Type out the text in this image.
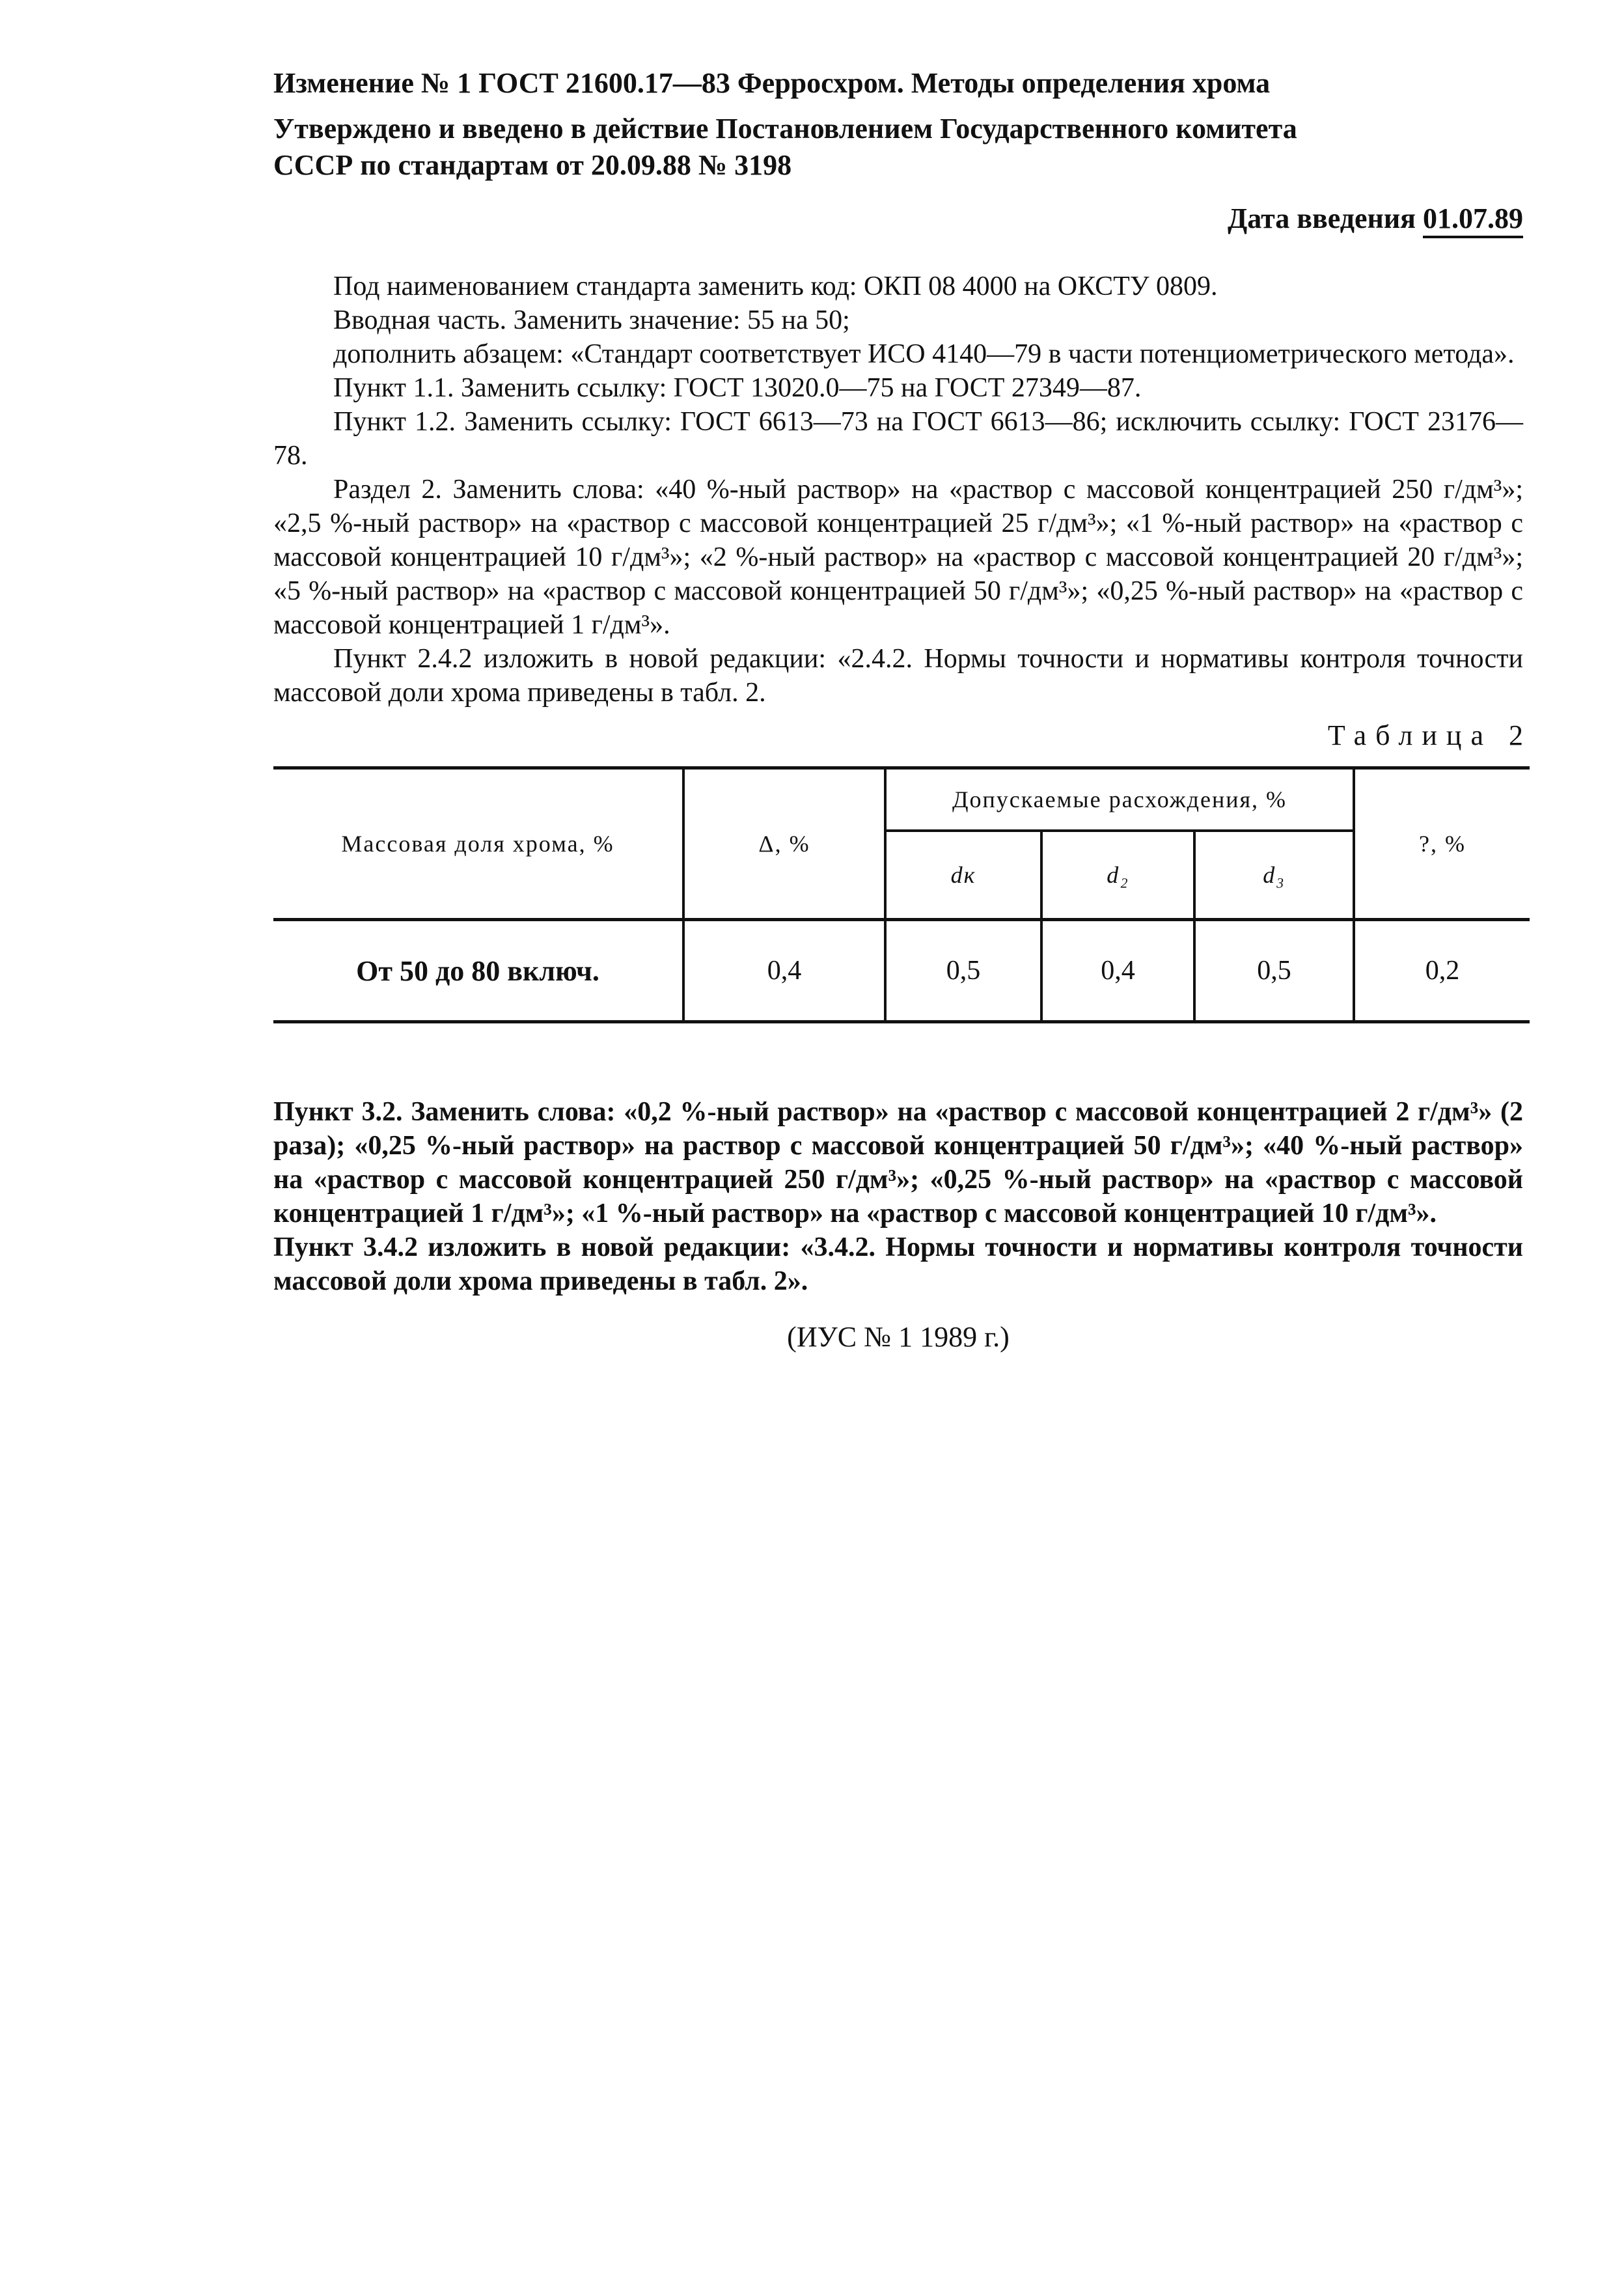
Изменение № 1 ГОСТ 21600.17—83 Ферросхром. Методы определения хрома

Утверждено и введено в действие Постановлением Государственного комитета

СССР по стандартам от 20.09.88 № 3198

Дата введения 01.07.89

Под наименованием стандарта заменить код: ОКП 08 4000 на ОКСТУ 0809.

Вводная часть. Заменить значение: 55 на 50;

дополнить абзацем: «Стандарт соответствует ИСО 4140—79 в части потенциометрического метода».

Пункт 1.1. Заменить ссылку: ГОСТ 13020.0—75 на ГОСТ 27349—87.

Пункт 1.2. Заменить ссылку: ГОСТ 6613—73 на ГОСТ 6613—86; исключить ссылку: ГОСТ 23176—78.

Раздел 2. Заменить слова: «40 %-ный раствор» на «раствор с массовой концентрацией 250 г/дм³»; «2,5 %-ный раствор» на «раствор с массовой концентрацией 25 г/дм³»; «1 %-ный раствор» на «раствор с массовой концентрацией 10 г/дм³»; «2 %-ный раствор» на «раствор с массовой концентрацией 20 г/дм³»; «5 %-ный раствор» на «раствор с массовой концентрацией 50 г/дм³»; «0,25 %-ный раствор» на «раствор с массовой концентрацией 1 г/дм³».

Пункт 2.4.2 изложить в новой редакции: «2.4.2. Нормы точности и нормативы контроля точности массовой доли хрома приведены в табл. 2.

Таблица 2
Массовая доля хрома, %	Δ, %	Допускаемые расхождения, %			?, %
		dк	d₂	d₃	
От 50 до 80 включ.	0,4	0,5	0,4	0,5	0,2

Пункт 3.2. Заменить слова: «0,2 %-ный раствор» на «раствор с массовой концентрацией 2 г/дм³» (2 раза); «0,25 %-ный раствор» на раствор с массовой концентрацией 50 г/дм³»; «40 %-ный раствор» на «раствор с массовой концентрацией 250 г/дм³»; «0,25 %-ный раствор» на «раствор с массовой концентрацией 1 г/дм³»; «1 %-ный раствор» на «раствор с массовой концентрацией 10 г/дм³».

Пункт 3.4.2 изложить в новой редакции: «3.4.2. Нормы точности и нормативы контроля точности массовой доли хрома приведены в табл. 2».

(ИУС № 1 1989 г.)
